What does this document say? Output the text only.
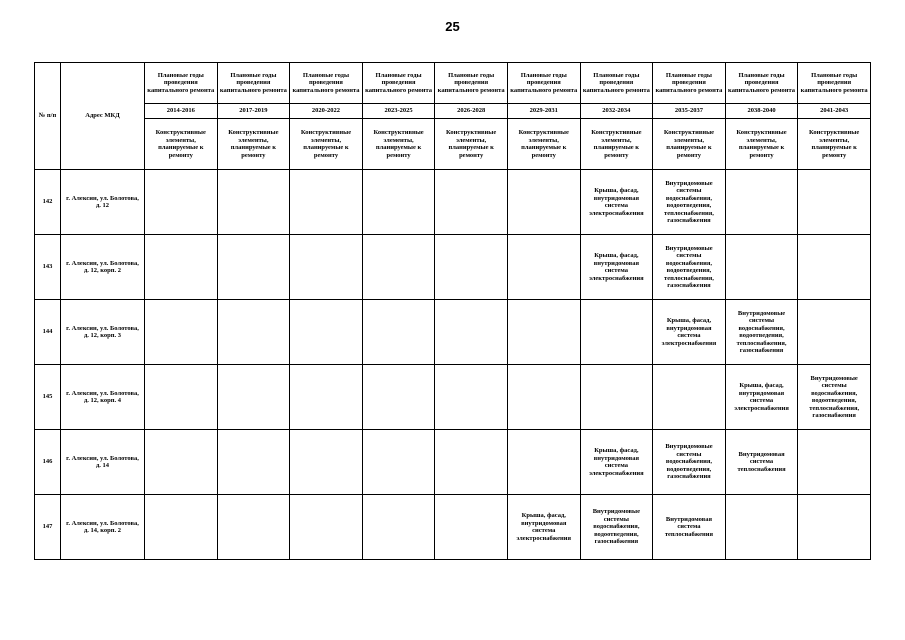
25
№ п/п	Адрес МКД	Плановые годы проведения капитального ремонта	Плановые годы проведения капитального ремонта	Плановые годы проведения капитального ремонта	Плановые годы проведения капитального ремонта	Плановые годы проведения капитального ремонта	Плановые годы проведения капитального ремонта	Плановые годы проведения капитального ремонта	Плановые годы проведения капитального ремонта	Плановые годы проведения капитального ремонта	Плановые годы проведения капитального ремонта
		2014-2016	2017-2019	2020-2022	2023-2025	2026-2028	2029-2031	2032-2034	2035-2037	2038-2040	2041-2043
		Конструктивные элементы, планируемые к ремонту	Конструктивные элементы, планируемые к ремонту	Конструктивные элементы, планируемые к ремонту	Конструктивные элементы, планируемые к ремонту	Конструктивные элементы, планируемые к ремонту	Конструктивные элементы, планируемые к ремонту	Конструктивные элементы, планируемые к ремонту	Конструктивные элементы, планируемые к ремонту	Конструктивные элементы, планируемые к ремонту	Конструктивные элементы, планируемые к ремонту
142	г. Алексин, ул. Болотова, д. 12							Крыша, фасад, внутридомовая система электроснабжения	Внутридомовые системы водоснабжения, водоотведения, теплоснабжения, газоснабжения		
143	г. Алексин, ул. Болотова, д. 12, корп. 2							Крыша, фасад, внутридомовая система электроснабжения	Внутридомовые системы водоснабжения, водоотведения, теплоснабжения, газоснабжения		
144	г. Алексин, ул. Болотова, д. 12, корп. 3								Крыша, фасад, внутридомовая система электроснабжения	Внутридомовые системы водоснабжения, водоотведения, теплоснабжения, газоснабжения	
145	г. Алексин, ул. Болотова, д. 12, корп. 4									Крыша, фасад, внутридомовая система электроснабжения	Внутридомовые системы водоснабжения, водоотведения, теплоснабжения, газоснабжения
146	г. Алексин, ул. Болотова, д. 14							Крыша, фасад, внутридомовая система электроснабжения	Внутридомовые системы водоснабжения, водоотведения, газоснабжения	Внутридомовая система теплоснабжения	
147	г. Алексин, ул. Болотова, д. 14, корп. 2						Крыша, фасад, внутридомовая система электроснабжения	Внутридомовые системы водоснабжения, водоотведения, газоснабжения	Внутридомовая система теплоснабжения		
